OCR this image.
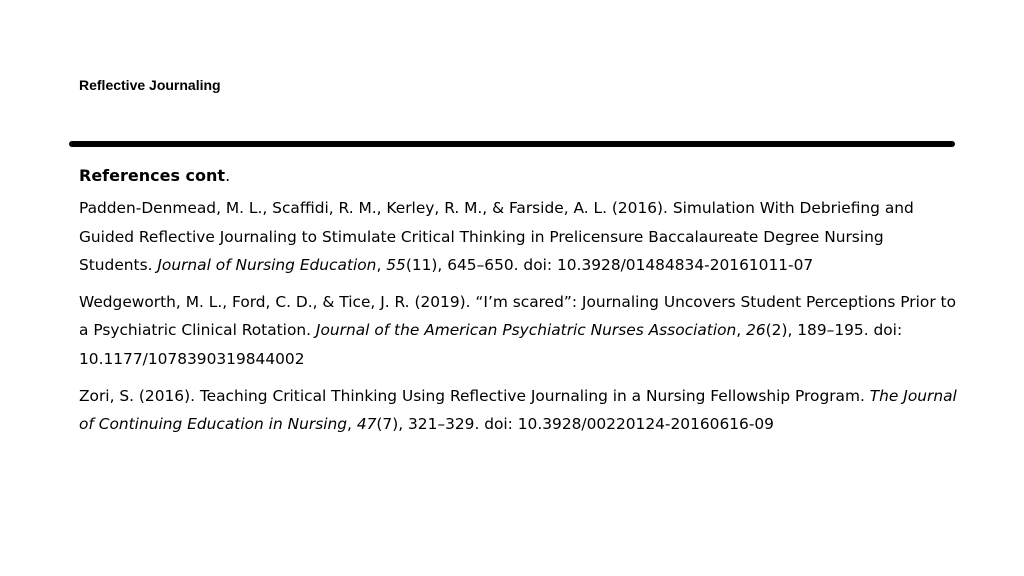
Reflective Journaling
References cont.

Padden-Denmead, M. L., Scaffidi, R. M., Kerley, R. M., & Farside, A. L. (2016). Simulation With Debriefing and Guided Reflective Journaling to Stimulate Critical Thinking in Prelicensure Baccalaureate Degree Nursing Students. Journal of Nursing Education, 55(11), 645–650. doi: 10.3928/01484834-20161011-07

Wedgeworth, M. L., Ford, C. D., & Tice, J. R. (2019). “I’m scared”: Journaling Uncovers Student Perceptions Prior to a Psychiatric Clinical Rotation. Journal of the American Psychiatric Nurses Association, 26(2), 189–195. doi: 10.1177/1078390319844002

Zori, S. (2016). Teaching Critical Thinking Using Reflective Journaling in a Nursing Fellowship Program. The Journal of Continuing Education in Nursing, 47(7), 321–329. doi: 10.3928/00220124-20160616-09
